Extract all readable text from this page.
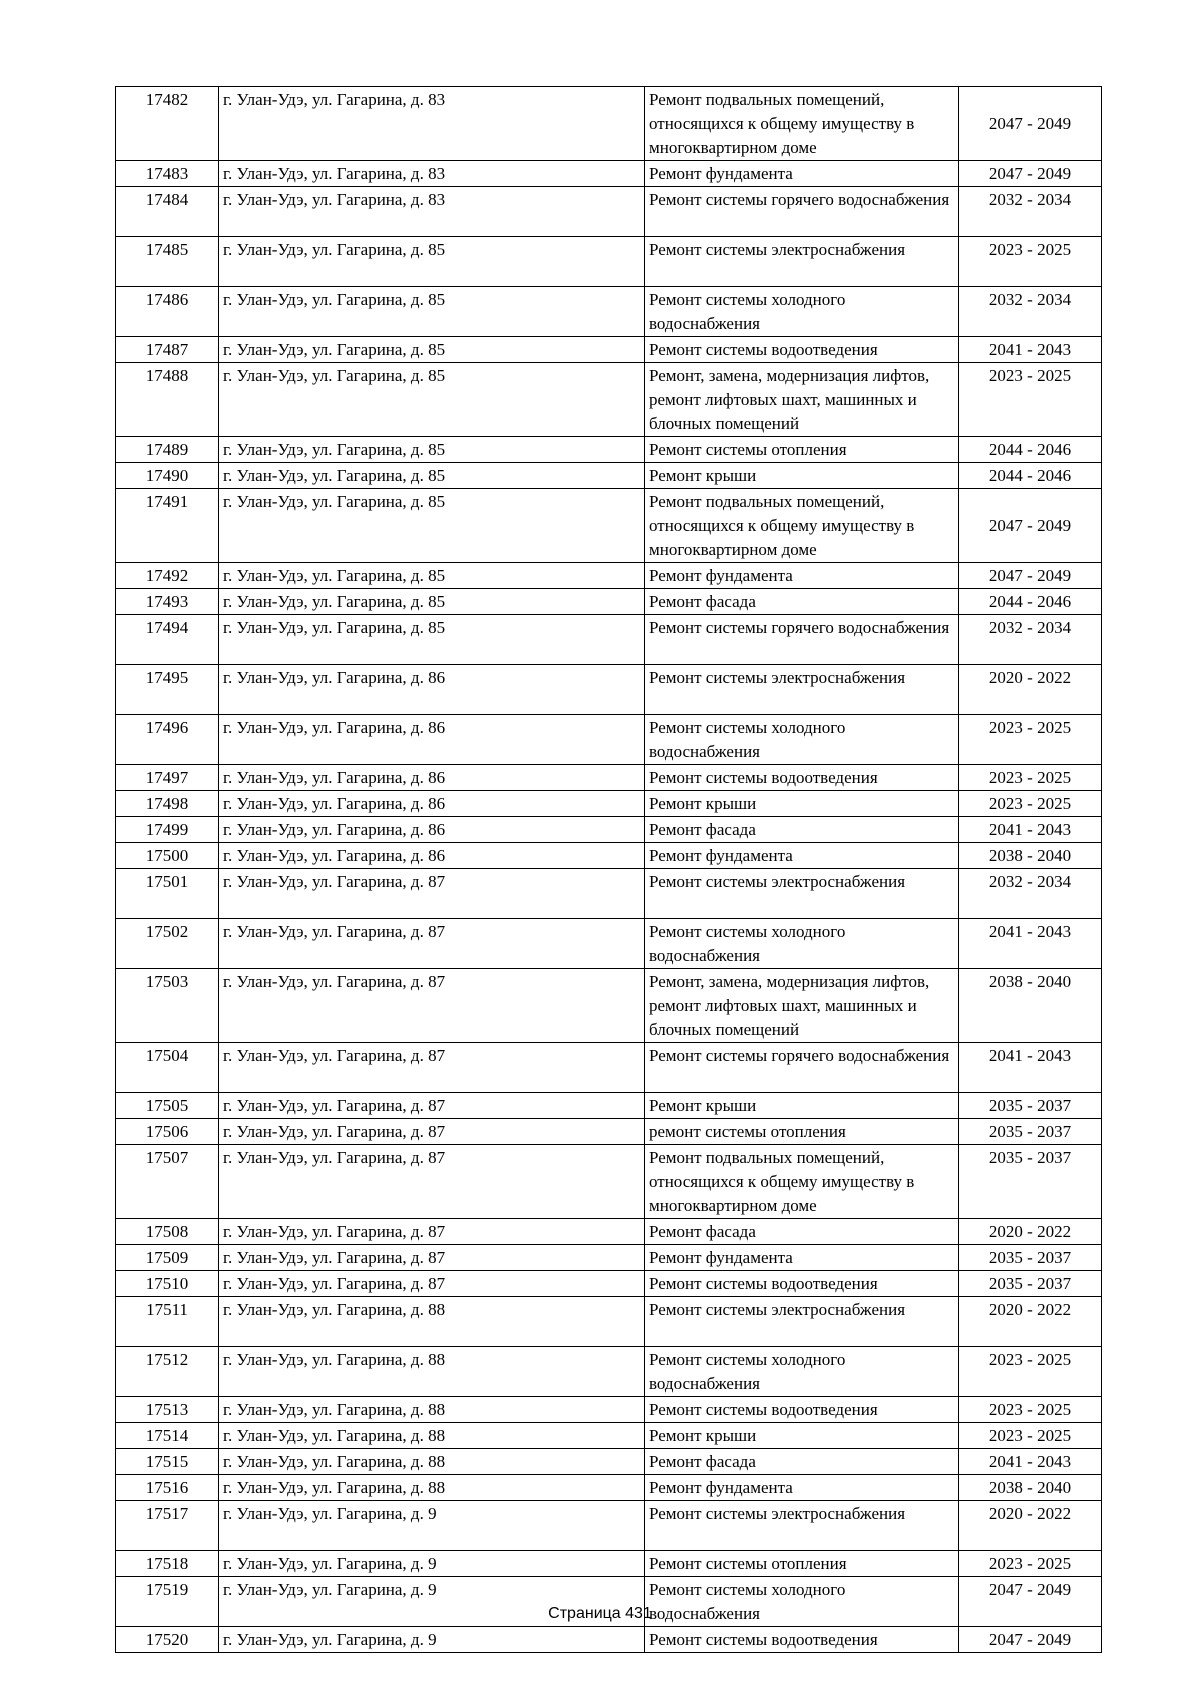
17482	г. Улан-Удэ, ул. Гагарина, д. 83	Ремонт подвальных помещений, относящихся к общему имуществу в многоквартирном доме	2047 - 2049
17483	г. Улан-Удэ, ул. Гагарина, д. 83	Ремонт фундамента	2047 - 2049
17484	г. Улан-Удэ, ул. Гагарина, д. 83	Ремонт системы горячего водоснабжения	2032 - 2034
17485	г. Улан-Удэ, ул. Гагарина, д. 85	Ремонт системы электроснабжения	2023 - 2025
17486	г. Улан-Удэ, ул. Гагарина, д. 85	Ремонт системы холодного водоснабжения	2032 - 2034
17487	г. Улан-Удэ, ул. Гагарина, д. 85	Ремонт системы водоотведения	2041 - 2043
17488	г. Улан-Удэ, ул. Гагарина, д. 85	Ремонт, замена, модернизация лифтов, ремонт лифтовых шахт, машинных и блочных помещений	2023 - 2025
17489	г. Улан-Удэ, ул. Гагарина, д. 85	Ремонт системы отопления	2044 - 2046
17490	г. Улан-Удэ, ул. Гагарина, д. 85	Ремонт крыши	2044 - 2046
17491	г. Улан-Удэ, ул. Гагарина, д. 85	Ремонт подвальных помещений, относящихся к общему имуществу в многоквартирном доме	2047 - 2049
17492	г. Улан-Удэ, ул. Гагарина, д. 85	Ремонт фундамента	2047 - 2049
17493	г. Улан-Удэ, ул. Гагарина, д. 85	Ремонт фасада	2044 - 2046
17494	г. Улан-Удэ, ул. Гагарина, д. 85	Ремонт системы горячего водоснабжения	2032 - 2034
17495	г. Улан-Удэ, ул. Гагарина, д. 86	Ремонт системы электроснабжения	2020 - 2022
17496	г. Улан-Удэ, ул. Гагарина, д. 86	Ремонт системы холодного водоснабжения	2023 - 2025
17497	г. Улан-Удэ, ул. Гагарина, д. 86	Ремонт системы водоотведения	2023 - 2025
17498	г. Улан-Удэ, ул. Гагарина, д. 86	Ремонт крыши	2023 - 2025
17499	г. Улан-Удэ, ул. Гагарина, д. 86	Ремонт фасада	2041 - 2043
17500	г. Улан-Удэ, ул. Гагарина, д. 86	Ремонт фундамента	2038 - 2040
17501	г. Улан-Удэ, ул. Гагарина, д. 87	Ремонт системы электроснабжения	2032 - 2034
17502	г. Улан-Удэ, ул. Гагарина, д. 87	Ремонт системы холодного водоснабжения	2041 - 2043
17503	г. Улан-Удэ, ул. Гагарина, д. 87	Ремонт, замена, модернизация лифтов, ремонт лифтовых шахт, машинных и блочных помещений	2038 - 2040
17504	г. Улан-Удэ, ул. Гагарина, д. 87	Ремонт системы горячего водоснабжения	2041 - 2043
17505	г. Улан-Удэ, ул. Гагарина, д. 87	Ремонт крыши	2035 - 2037
17506	г. Улан-Удэ, ул. Гагарина, д. 87	ремонт системы отопления	2035 - 2037
17507	г. Улан-Удэ, ул. Гагарина, д. 87	Ремонт подвальных помещений, относящихся к общему имуществу в многоквартирном доме	2035 - 2037
17508	г. Улан-Удэ, ул. Гагарина, д. 87	Ремонт фасада	2020 - 2022
17509	г. Улан-Удэ, ул. Гагарина, д. 87	Ремонт фундамента	2035 - 2037
17510	г. Улан-Удэ, ул. Гагарина, д. 87	Ремонт системы водоотведения	2035 - 2037
17511	г. Улан-Удэ, ул. Гагарина, д. 88	Ремонт системы электроснабжения	2020 - 2022
17512	г. Улан-Удэ, ул. Гагарина, д. 88	Ремонт системы холодного водоснабжения	2023 - 2025
17513	г. Улан-Удэ, ул. Гагарина, д. 88	Ремонт системы водоотведения	2023 - 2025
17514	г. Улан-Удэ, ул. Гагарина, д. 88	Ремонт крыши	2023 - 2025
17515	г. Улан-Удэ, ул. Гагарина, д. 88	Ремонт фасада	2041 - 2043
17516	г. Улан-Удэ, ул. Гагарина, д. 88	Ремонт фундамента	2038 - 2040
17517	г. Улан-Удэ, ул. Гагарина, д. 9	Ремонт системы электроснабжения	2020 - 2022
17518	г. Улан-Удэ, ул. Гагарина, д. 9	Ремонт системы отопления	2023 - 2025
17519	г. Улан-Удэ, ул. Гагарина, д. 9	Ремонт системы холодного водоснабжения	2047 - 2049
17520	г. Улан-Удэ, ул. Гагарина, д. 9	Ремонт системы водоотведения	2047 - 2049
Страница 431
